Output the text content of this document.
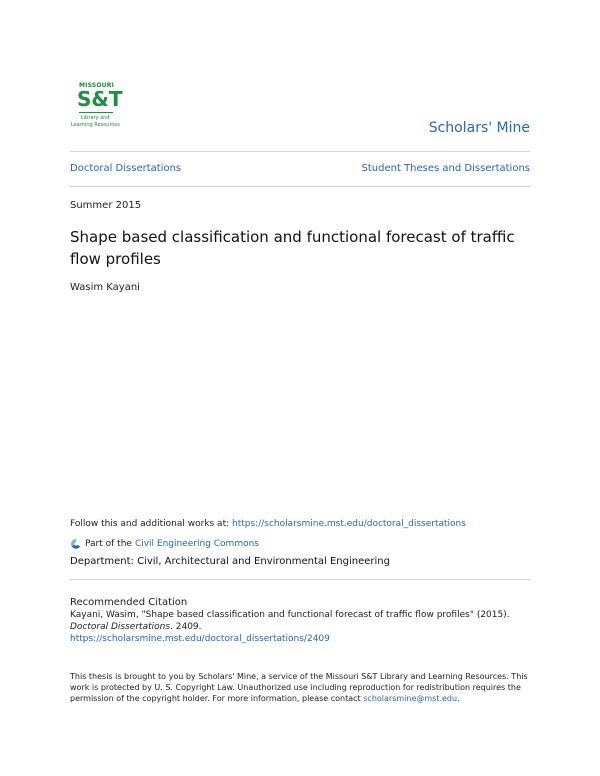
MISSOURI
S&T
Library and
Learning Resources	Scholars' Mine
Doctoral Dissertations	Student Theses and Dissertations
Summer 2015
Shape based classification and functional forecast of traffic flow profiles
Wasim Kayani
Follow this and additional works at: https://scholarsmine.mst.edu/doctoral_dissertations
Part of the Civil Engineering Commons
Department: Civil, Architectural and Environmental Engineering
Recommended Citation
Kayani, Wasim, "Shape based classification and functional forecast of traffic flow profiles" (2015).
Doctoral Dissertations. 2409.
https://scholarsmine.mst.edu/doctoral_dissertations/2409
This thesis is brought to you by Scholars' Mine, a service of the Missouri S&T Library and Learning Resources. This work is protected by U. S. Copyright Law. Unauthorized use including reproduction for redistribution requires the permission of the copyright holder. For more information, please contact scholarsmine@mst.edu.
